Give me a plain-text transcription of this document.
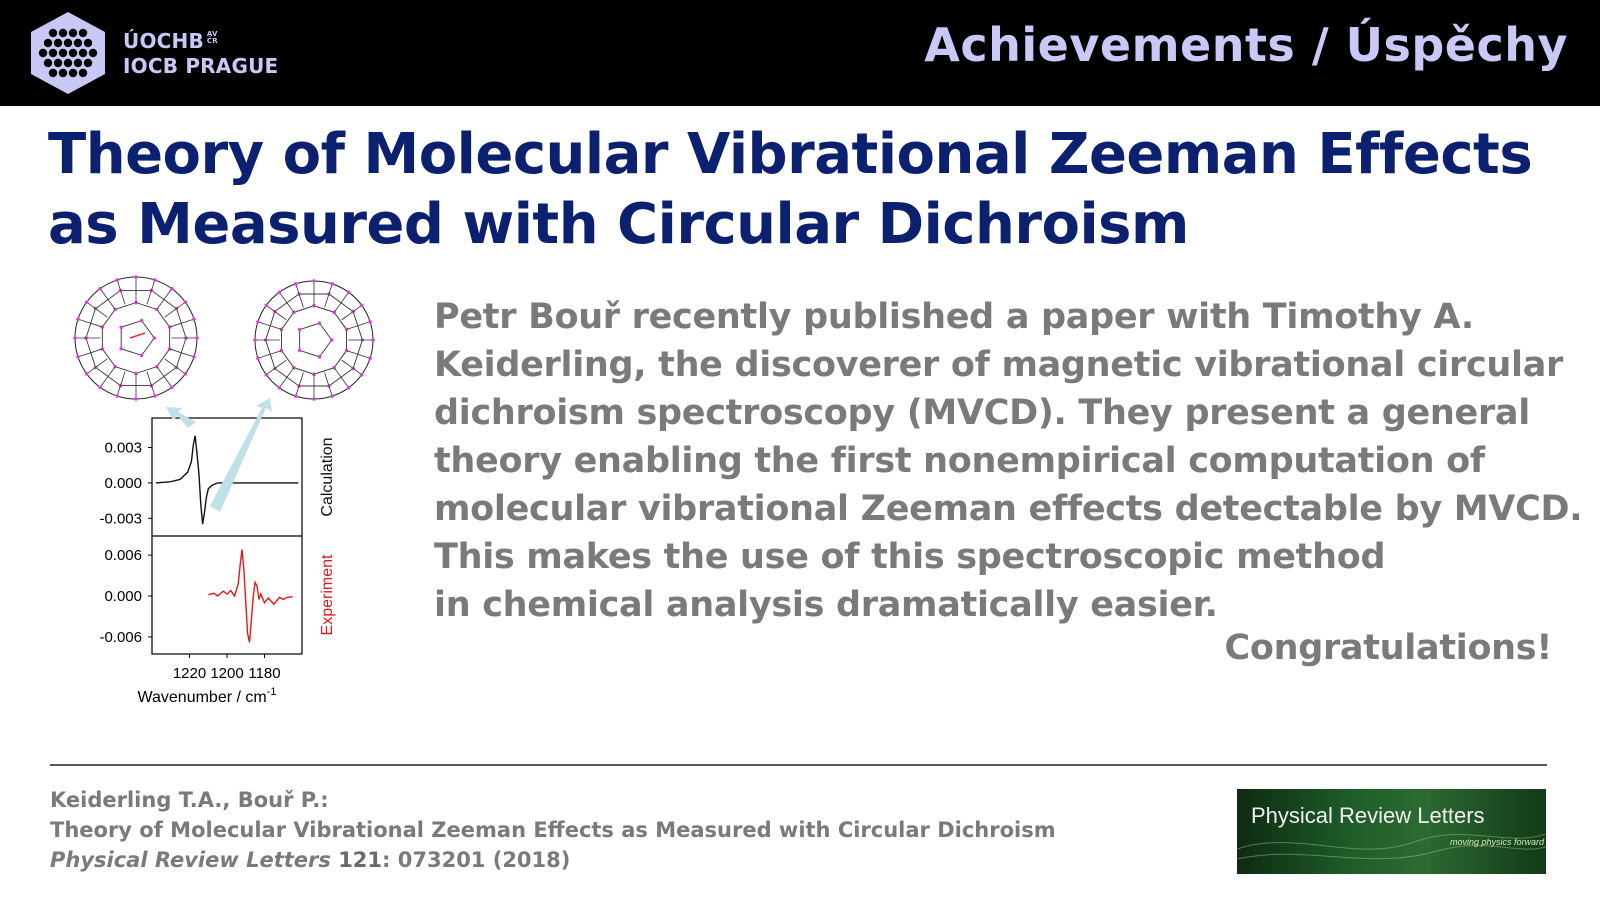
ÚOCHB AV
ČR
IOCB PRAGUE	Achievements / Úspěchy
Theory of Molecular Vibrational Zeeman Effects
as Measured with Circular Dichroism
0.003
0.000
-0.003
Calculation
0.006
0.000
-0.006
Experiment
1220 1200 1180
Wavenumber / $cm^{-1}$
Petr Bouř recently published a paper with Timothy A.
Keiderling, the discoverer of magnetic vibrational circular
dichroism spectroscopy (MVCD). They present a general
theory enabling the first nonempirical computation of
molecular vibrational Zeeman effects detectable by MVCD.
This makes the use of this spectroscopic method
in chemical analysis dramatically easier.
Congratulations!
Keiderling T.A., Bouř P.:
Theory of Molecular Vibrational Zeeman Effects as Measured with Circular Dichroism
Physical Review Letters 121: 073201 (2018)
Physical Review Letters
moving physics forward
